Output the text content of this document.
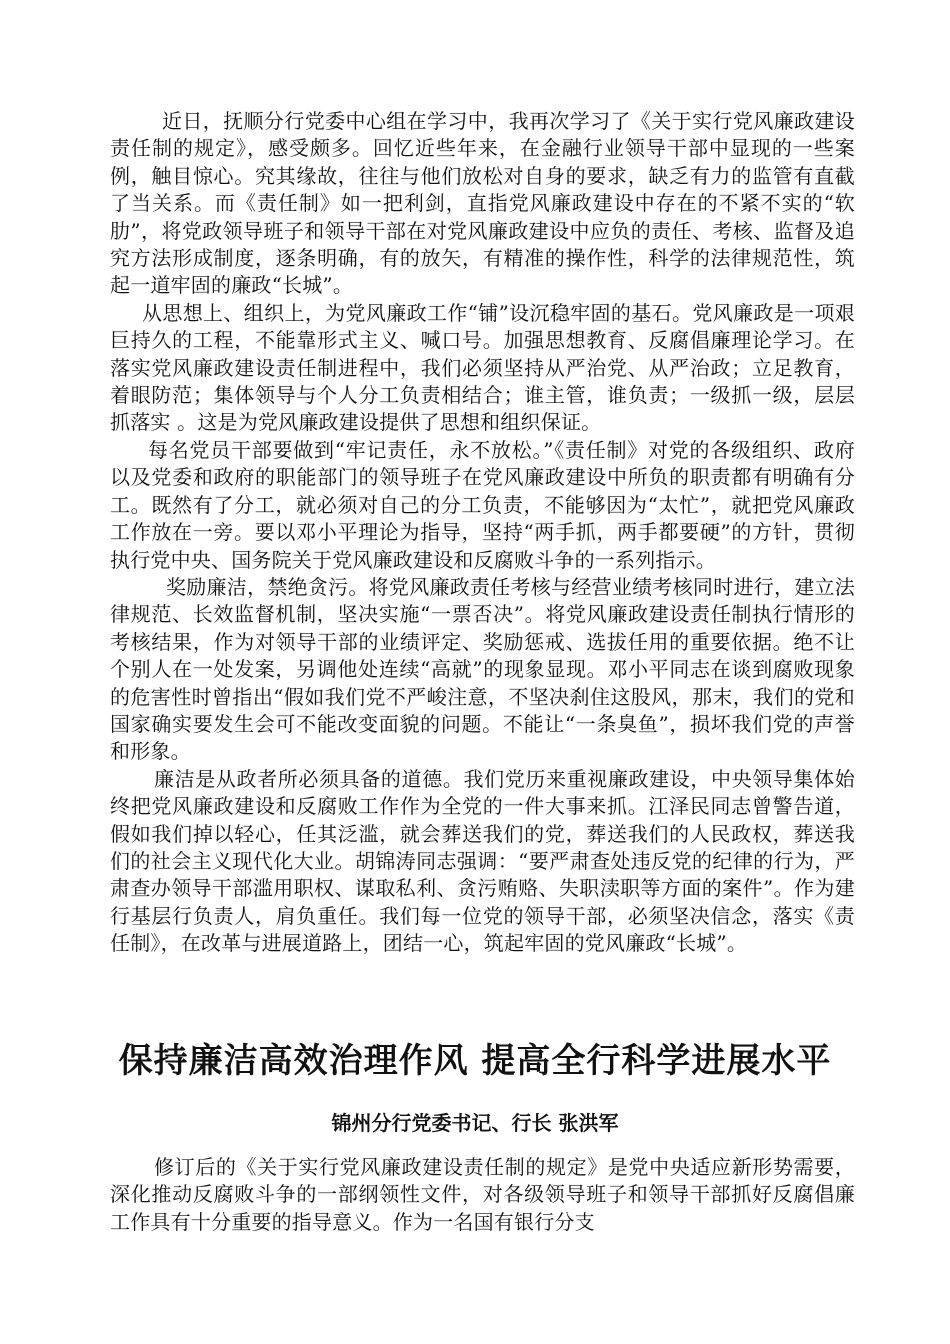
近日，抚顺分行党委中心组在学习中，我再次学习了《关于实行党风廉政建设责任制的规定》，感受颇多。回忆近些年来，在金融行业领导干部中显现的一些案例，触目惊心。究其缘故，往往与他们放松对自身的要求，缺乏有力的监管有直截了当关系。而《责任制》如一把利剑，直指党风廉政建设中存在的不紧不实的“软肋”，将党政领导班子和领导干部在对党风廉政建设中应负的责任、考核、监督及追究方法形成制度，逐条明确，有的放矢，有精准的操作性，科学的法律规范性，筑起一道牢固的廉政“长城”。

从思想上、组织上，为党风廉政工作“铺”设沉稳牢固的基石。党风廉政是一项艰巨持久的工程，不能靠形式主义、喊口号。加强思想教育、反腐倡廉理论学习。在落实党风廉政建设责任制进程中，我们必须坚持从严治党、从严治政；立足教育，着眼防范；集体领导与个人分工负责相结合；谁主管，谁负责；一级抓一级，层层抓落实 。这是为党风廉政建设提供了思想和组织保证。

每名党员干部要做到“牢记责任，永不放松。”《责任制》对党的各级组织、政府以及党委和政府的职能部门的领导班子在党风廉政建设中所负的职责都有明确有分工。既然有了分工，就必须对自己的分工负责，不能够因为“太忙”，就把党风廉政工作放在一旁。要以邓小平理论为指导，坚持“两手抓，两手都要硬”的方针，贯彻执行党中央、国务院关于党风廉政建设和反腐败斗争的一系列指示。

奖励廉洁，禁绝贪污。将党风廉政责任考核与经营业绩考核同时进行，建立法律规范、长效监督机制，坚决实施“一票否决”。将党风廉政建设责任制执行情形的考核结果，作为对领导干部的业绩评定、奖励惩戒、选拔任用的重要依据。绝不让个别人在一处发案，另调他处连续“高就”的现象显现。邓小平同志在谈到腐败现象的危害性时曾指出“假如我们党不严峻注意，不坚决刹住这股风，那末，我们的党和国家确实要发生会可不能改变面貌的问题。不能让“一条臭鱼”，损坏我们党的声誉和形象。

廉洁是从政者所必须具备的道德。我们党历来重视廉政建设，中央领导集体始终把党风廉政建设和反腐败工作作为全党的一件大事来抓。江泽民同志曾警告道，假如我们掉以轻心，任其泛滥，就会葬送我们的党，葬送我们的人民政权，葬送我们的社会主义现代化大业。胡锦涛同志强调：“要严肃查处违反党的纪律的行为，严肃查办领导干部滥用职权、谋取私利、贪污贿赂、失职渎职等方面的案件”。作为建行基层行负责人，肩负重任。我们每一位党的领导干部，必须坚决信念，落实《责任制》，在改革与进展道路上，团结一心，筑起牢固的党风廉政“长城”。

保持廉洁高效治理作风 提高全行科学进展水平

锦州分行党委书记、行长 张洪军

修订后的《关于实行党风廉政建设责任制的规定》是党中央适应新形势需要，深化推动反腐败斗争的一部纲领性文件，对各级领导班子和领导干部抓好反腐倡廉工作具有十分重要的指导意义。作为一名国有银行分支
